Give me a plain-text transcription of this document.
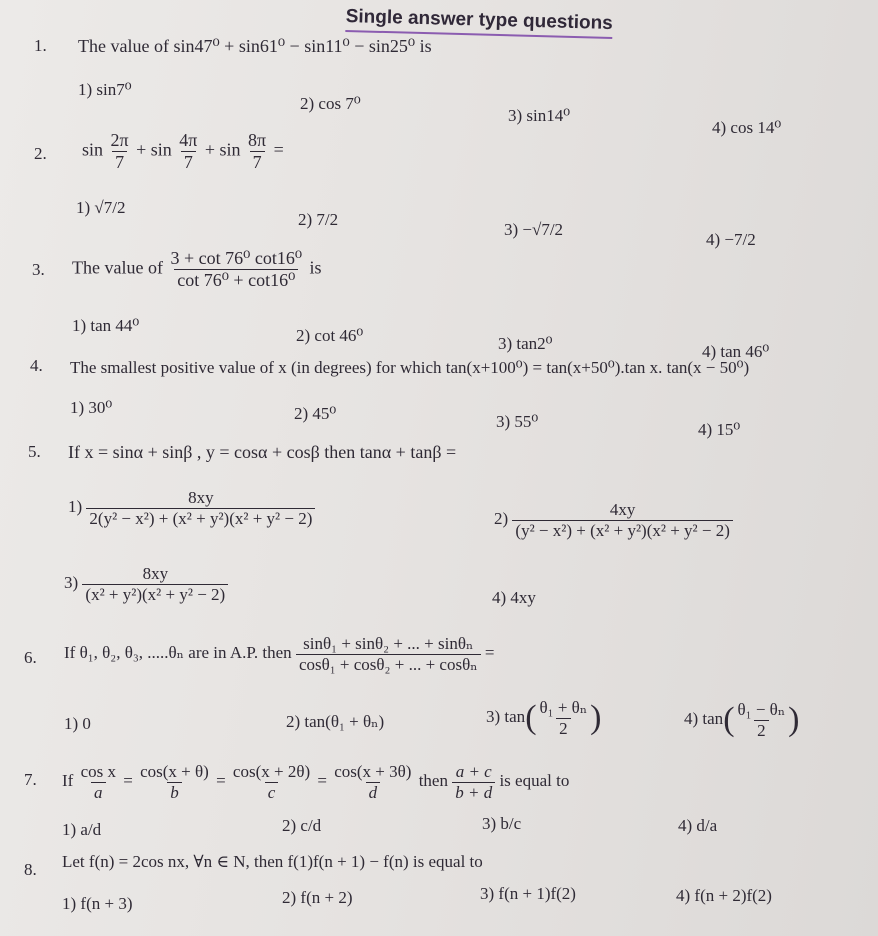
Single answer type questions
1. The value of sin47⁰ + sin61⁰ − sin11⁰ − sin25⁰ is
1) sin7⁰
2) cos 7⁰
3) sin14⁰
4) cos 14⁰
2. $\sin \frac{2\pi}{7} + \sin \frac{4\pi}{7} + \sin \frac{8\pi}{7}$ =
1) √7/2
2) 7/2
3) −√7/2
4) −7/2
3. The value of $\frac{\text{3 + cot 76⁰ cot16⁰}}{\text{cot 76⁰ + cot16⁰}}$ is
1) tan 44⁰
2) cot 46⁰	3) tan2⁰	4) tan 46⁰
4. The smallest positive value of x (in degrees) for which tan(x+100⁰) = tan(x+50⁰).tan x. tan(x − 50⁰)
1) 30⁰	2) 45⁰	3) 55⁰	4) 15⁰
5. If x = sinα + sinβ , y = cosα + cosβ then tanα + tanβ =
$1) \frac{8xy}{\text{2(y² − x²) + (x² + y²)(x² + y² − 2)}}$	$2) \frac{4xy}{\text{(y² − x²) + (x² + y²)(x² + y² − 2)}}$
$3) \frac{8xy}{\text{(x² + y²)(x² + y² − 2)}}$	4) 4xy
6. If θ₁, θ₂, θ₃, .....θₙ are in A.P. then $\frac{\text{sinθ₁ + sinθ₂ + ... + sinθₙ}}{\text{cosθ₁ + cosθ₂ + ... + cosθₙ}}$ =
1) 0	2) tan(θ₁ + θₙ)	3) $\tan( \frac{\text{θ₁ + θₙ}}{2}$ )	4) $\tan( \frac{\text{θ₁ − θₙ}}{2}$ )
7. If $\frac{\text{cos x}}{a} = \frac{\cos(x + \theta)}{b} = \frac{\cos(x + 2\theta)}{c} = \frac{\cos(x + 3\theta)}{d}$ then $\frac{a + c}{b + d}$ is equal to
1) a/d	2) c/d	3) b/c	4) d/a
8. Let f(n) = 2cos nx, ∀n ∈ N, then f(1)f(n + 1) − f(n) is equal to
1) f(n + 3)	2) f(n + 2)	3) f(n + 1)f(2)	4) f(n + 2)f(2)
